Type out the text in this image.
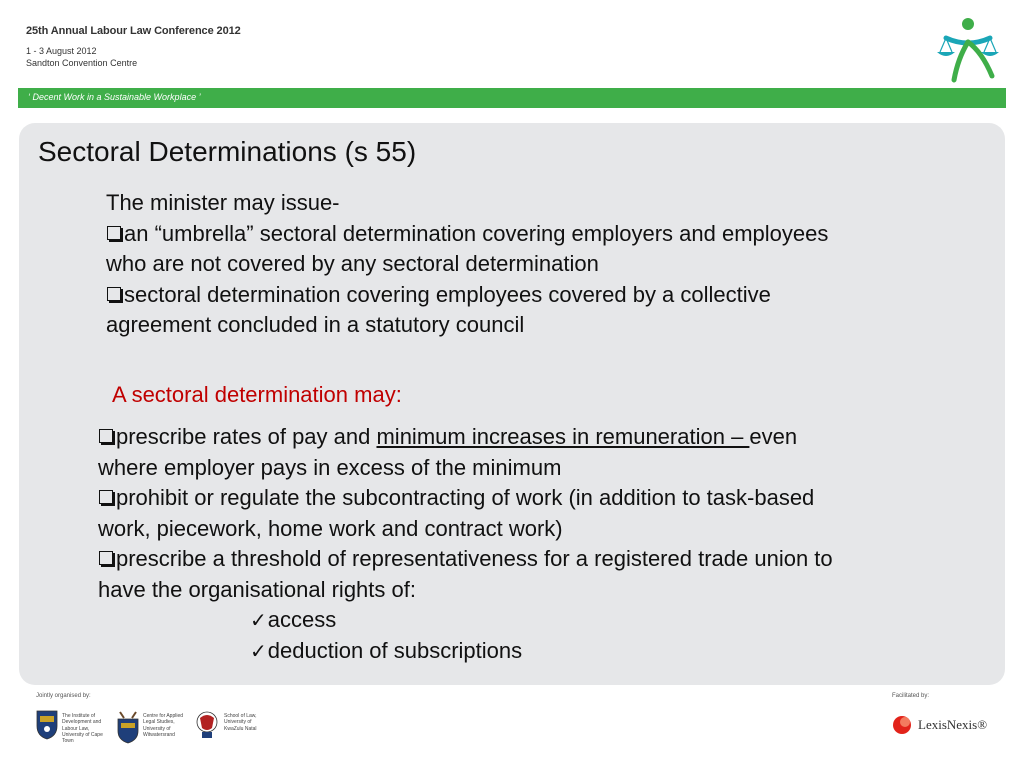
25th Annual Labour Law Conference 2012
1 - 3 August 2012
Sandton Convention Centre
‘ Decent Work in a Sustainable Workplace ’
Sectoral Determinations (s 55)
The minister may issue-
an “umbrella” sectoral determination covering employers and employees
who are not covered by any sectoral determination
sectoral determination covering employees covered by a collective
agreement concluded in a statutory council
A sectoral determination may:
prescribe rates of pay and minimum increases in remuneration – even
where employer pays in excess of the minimum
prohibit or regulate the subcontracting of work (in addition to task-based
work, piecework, home work and contract work)
prescribe a threshold of representativeness for a registered trade union to
have the organisational rights of:
✓access
✓deduction of subscriptions
Jointly organised by:	Facilitated by:
The Institute of Development and Labour Law, University of Cape Town
Centre for Applied Legal Studies, University of Witwatersrand
School of Law, University of KwaZulu Natal	LexisNexis®
